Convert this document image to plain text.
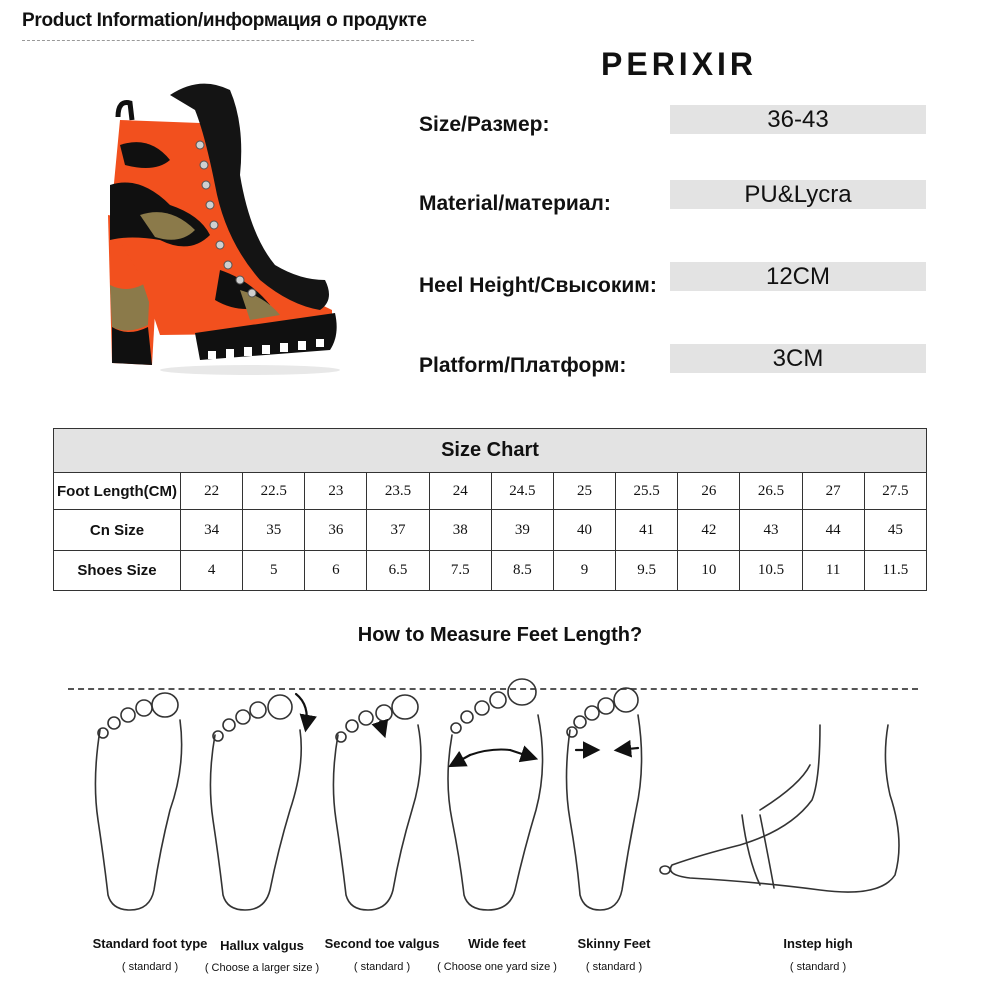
Product Information/информация о продукте
PERIXIR
Size/Размер:	36-43
Material/материал:	PU&Lycra
Heel Height/Свысоким:	12CM
Platform/Платформ:	3CM
Size Chart												
Foot Length(CM)	22	22.5	23	23.5	24	24.5	25	25.5	26	26.5	27	27.5
Cn Size	34	35	36	37	38	39	40	41	42	43	44	45
Shoes Size	4	5	6	6.5	7.5	8.5	9	9.5	10	10.5	11	11.5
How to Measure Feet Length?
Standard foot type
( standard )
Hallux valgus
( Choose a larger size )
Second toe valgus
( standard )
Wide feet
( Choose one yard size )
Skinny Feet
( standard )
Instep high
( standard )
